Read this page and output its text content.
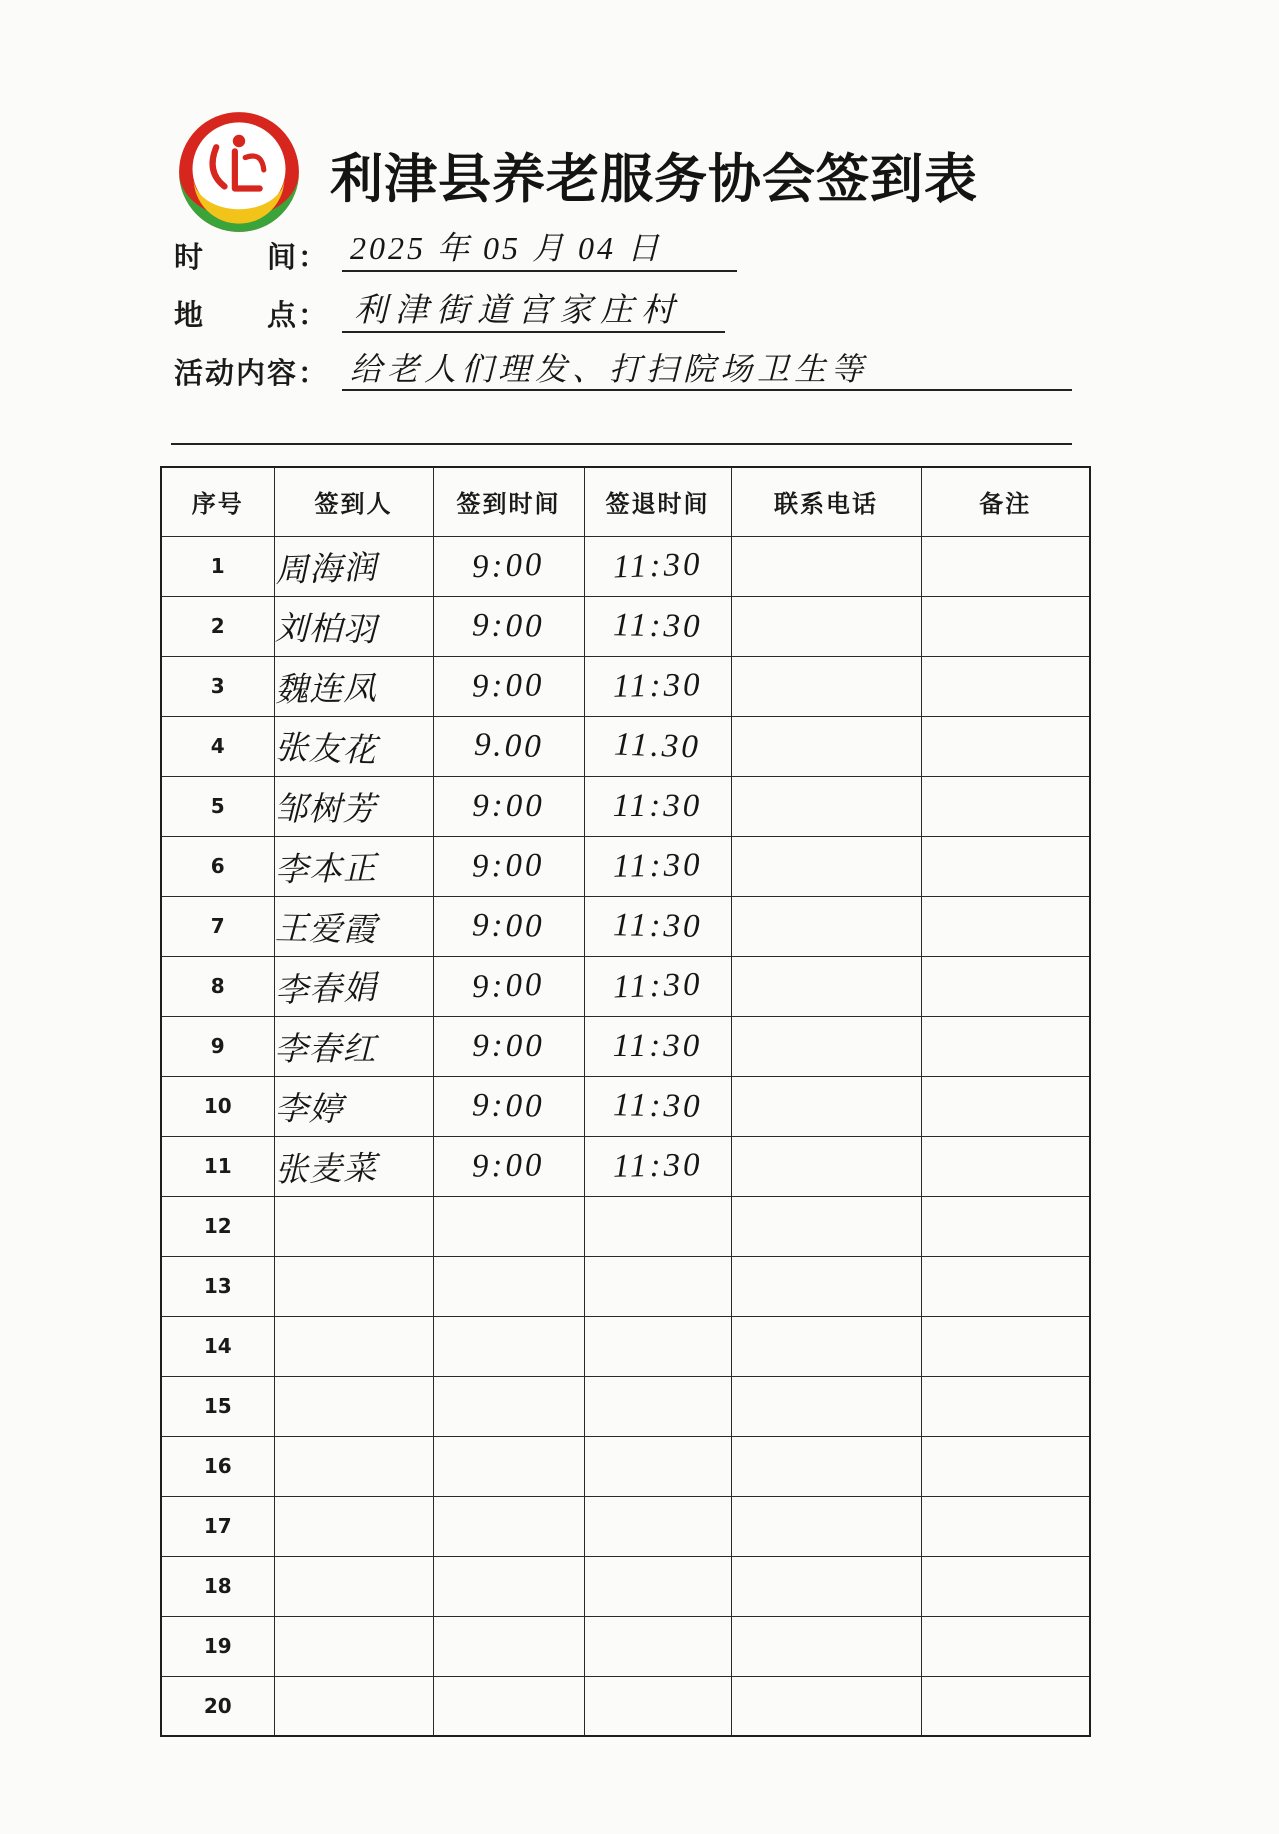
利津县养老服务协会签到表
时　　间： 2025 年 05 月 04 日
地　　点： 利津街道宫家庄村
活动内容： 给老人们理发、打扫院场卫生等
序号	签到人	签到时间	签退时间	联系电话	备注
1	周海润	9:00	11:30		
2	刘柏羽	9:00	11:30		
3	魏连凤	9:00	11:30		
4	张友花	9.00	11.30		
5	邹树芳	9:00	11:30		
6	李本正	9:00	11:30		
7	王爱霞	9:00	11:30		
8	李春娟	9:00	11:30		
9	李春红	9:00	11:30		
10	李婷	9:00	11:30		
11	张麦菜	9:00	11:30		
12					
13					
14					
15					
16					
17					
18					
19					
20					
